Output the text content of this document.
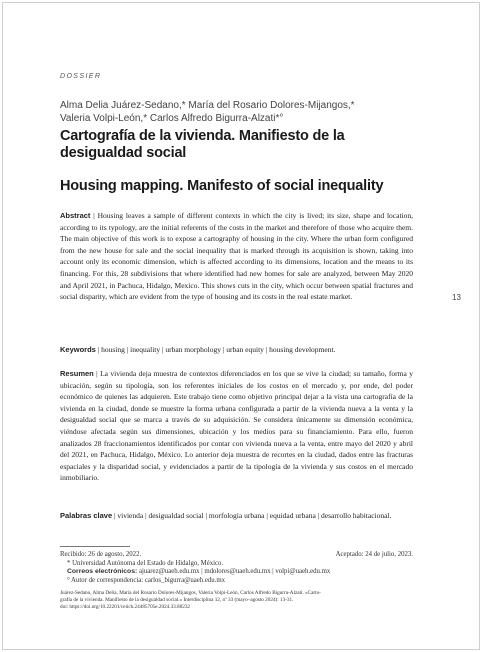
DOSSIER
Alma Delia Juárez-Sedano,* María del Rosario Dolores-Mijangos,*
Valeria Volpi-León,* Carlos Alfredo Bigurra-Alzati*°
Cartografía de la vivienda. Manifiesto de la desigualdad social
Housing mapping. Manifesto of social inequality
Abstract | Housing leaves a sample of different contexts in which the city is lived; its size, shape and location, according to its typology, are the initial referents of the costs in the market and therefore of those who acquire them. The main objective of this work is to expose a cartography of housing in the city. Where the urban form configured from the new house for sale and the social inequality that is marked through its acquisition is shown, taking into account only its economic dimension, which is affected according to its dimensions, location and the means to its financing. For this, 28 subdivisions that where identified had new homes for sale are analyzed, between May 2020 and April 2021, in Pachuca, Hidalgo, Mexico. This shows cuts in the city, which occur between spatial fractures and social disparity, which are evident from the type of housing and its costs in the real estate market.
Keywords | housing | inequality | urban morphology | urban equity | housing development.
Resumen | La vivienda deja muestra de contextos diferenciados en los que se vive la ciudad; su tamaño, forma y ubicación, según su tipología, son los referentes iniciales de los costos en el mercado y, por ende, del poder económico de quienes las adquieren. Este trabajo tiene como objetivo principal dejar a la vista una cartografía de la vivienda en la ciudad, donde se muestre la forma urbana configurada a partir de la vivienda nueva a la venta y la desigualdad social que se marca a través de su adquisición. Se considera únicamente su dimensión económica, viéndose afectada según sus dimensiones, ubicación y los medios para su financiamiento. Para ello, fueron analizados 28 fraccionamientos identificados por contar con vivienda nueva a la venta, entre mayo del 2020 y abril del 2021, en Pachuca, Hidalgo, México. Lo anterior deja muestra de recortes en la ciudad, dados entre las fracturas espaciales y la disparidad social, y evidenciados a partir de la tipología de la vivienda y sus costos en el mercado inmobiliario.
Palabras clave | vivienda | desigualdad social | morfología urbana | equidad urbana | desarrollo habitacional.
13
Recibido: 26 de agosto, 2022.	Aceptado: 24 de julio, 2023.
* Universidad Autónoma del Estado de Hidalgo, México.
Correos electrónicos: ajuarez@uaeh.edu.mx | mdolores@uaeh.edu.mx | volpi@uaeh.edu.mx
° Autor de correspondencia: carlos_bigurra@uaeh.edu.mx
Juárez-Sedano, Alma Delia, María del Rosario Dolores-Mijangos, Valeria Volpi-León, Carlos Alfredo Bigurra-Alzati. «Carto-
grafía de la vivienda. Manifiesto de la desigualdad social.» Interdisciplina 12, nº 33 (mayo–agosto 2024): 13-31.
doi: https://doi.org/10.22201/ceiich.24485705e.2024.33.88232
